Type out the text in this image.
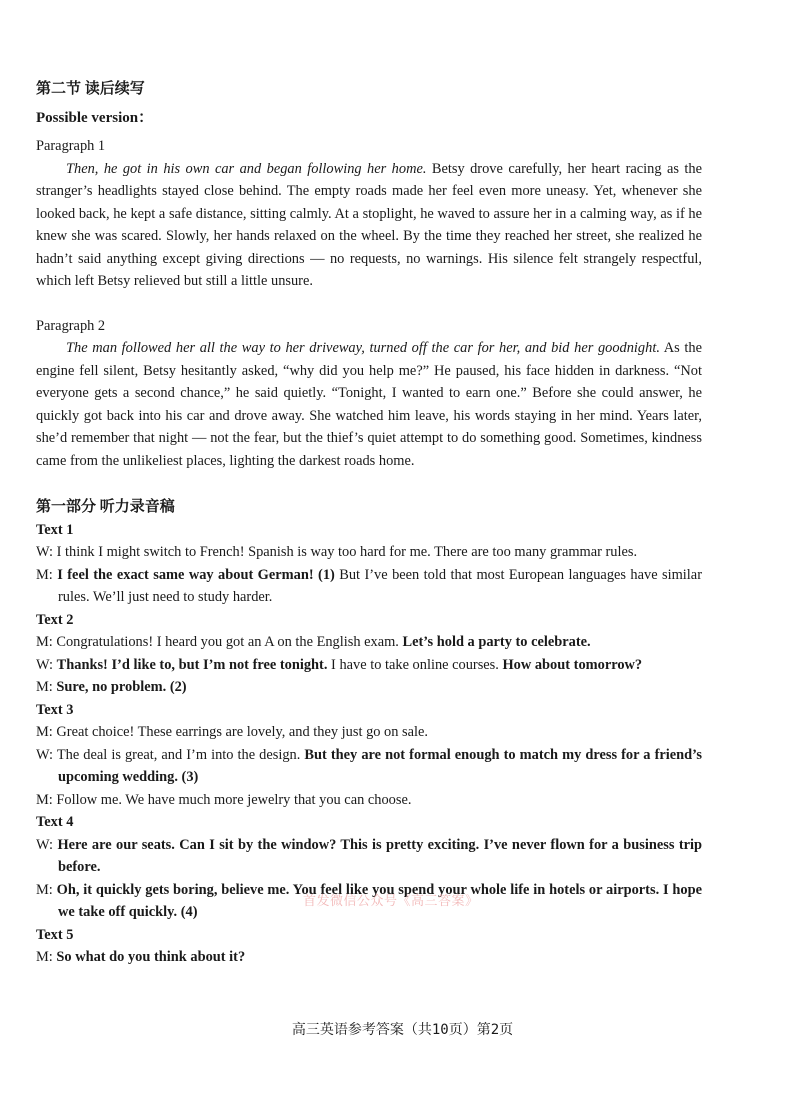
第二节 读后续写
Possible version：
Paragraph 1
Then, he got in his own car and began following her home. Betsy drove carefully, her heart racing as the stranger’s headlights stayed close behind. The empty roads made her feel even more uneasy. Yet, whenever she looked back, he kept a safe distance, sitting calmly. At a stoplight, he waved to assure her in a calming way, as if he knew she was scared. Slowly, her hands relaxed on the wheel. By the time they reached her street, she realized he hadn’t said anything except giving directions — no requests, no warnings. His silence felt strangely respectful, which left Betsy relieved but still a little unsure.
Paragraph 2
The man followed her all the way to her driveway, turned off the car for her, and bid her goodnight. As the engine fell silent, Betsy hesitantly asked, “why did you help me?” He paused, his face hidden in darkness. “Not everyone gets a second chance,” he said quietly. “Tonight, I wanted to earn one.” Before she could answer, he quickly got back into his car and drove away. She watched him leave, his words staying in her mind. Years later, she’d remember that night — not the fear, but the thief’s quiet attempt to do something good. Sometimes, kindness came from the unlikeliest places, lighting the darkest roads home.
第一部分 听力录音稿
Text 1
W: I think I might switch to French! Spanish is way too hard for me. There are too many grammar rules.
M: I feel the exact same way about German! (1) But I’ve been told that most European languages have similar rules. We’ll just need to study harder.
Text 2
M: Congratulations! I heard you got an A on the English exam. Let’s hold a party to celebrate.
W: Thanks! I’d like to, but I’m not free tonight. I have to take online courses. How about tomorrow?
M: Sure, no problem. (2)
Text 3
M: Great choice! These earrings are lovely, and they just go on sale.
W: The deal is great, and I’m into the design. But they are not formal enough to match my dress for a friend’s upcoming wedding. (3)
M: Follow me. We have much more jewelry that you can choose.
Text 4
W: Here are our seats. Can I sit by the window? This is pretty exciting. I’ve never flown for a business trip before.
M: Oh, it quickly gets boring, believe me. You feel like you spend your whole life in hotels or airports. I hope we take off quickly. (4)
Text 5
M: So what do you think about it?
首发微信公众号《高三答案》
高三英语参考答案（共10页）第2页
